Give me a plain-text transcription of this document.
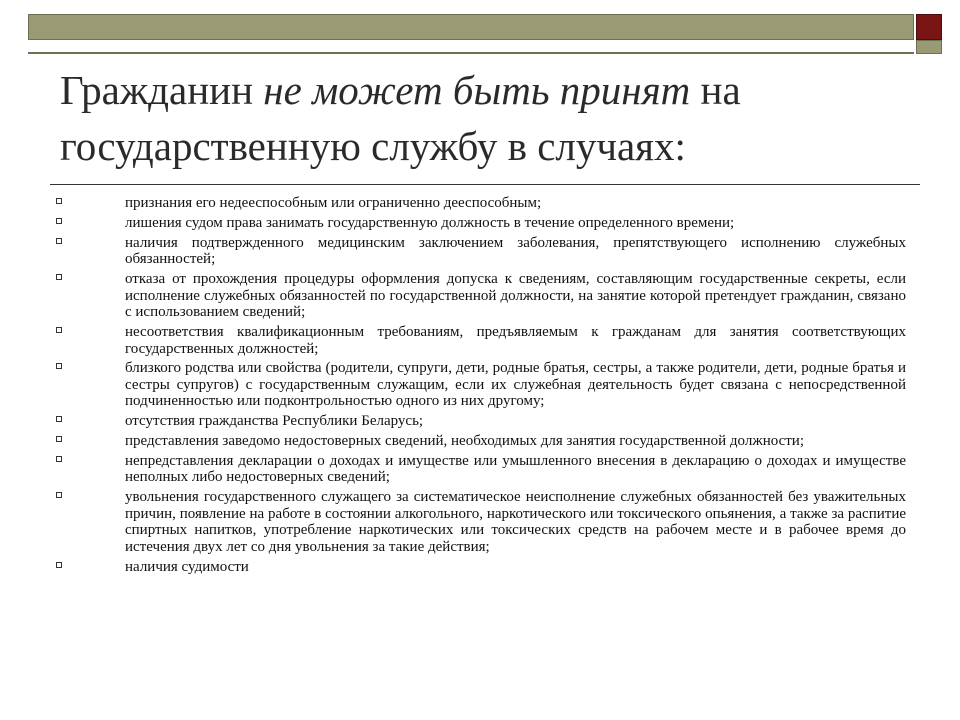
Гражданин не может быть принят на государственную службу в случаях:
признания его недееспособным или ограниченно дееспособным;
лишения судом права занимать государственную должность в течение определенного времени;
наличия подтвержденного медицинским заключением заболевания, препятствующего исполнению служебных обязанностей;
отказа от прохождения процедуры оформления допуска к сведениям, составляющим государственные секреты, если исполнение служебных обязанностей по государственной должности, на занятие которой претендует гражданин, связано с использованием сведений;
несоответствия квалификационным требованиям, предъявляемым к гражданам для занятия соответствующих государственных должностей;
близкого родства или свойства (родители, супруги, дети, родные братья, сестры, а также родители, дети, родные братья и сестры супругов) с государственным служащим, если их служебная деятельность будет связана с непосредственной подчиненностью или подконтрольностью одного из них другому;
отсутствия гражданства Республики Беларусь;
представления заведомо недостоверных сведений, необходимых для занятия государственной должности;
непредставления декларации о доходах и имуществе или умышленного внесения в декларацию о доходах и имуществе неполных либо недостоверных сведений;
увольнения государственного служащего за систематическое неисполнение служебных обязанностей без уважительных причин, появление на работе в состоянии алкогольного, наркотического или токсического опьянения, а также за распитие спиртных напитков, употребление наркотических или токсических средств на рабочем месте и в рабочее время до истечения двух лет со дня увольнения за такие действия;
наличия судимости
